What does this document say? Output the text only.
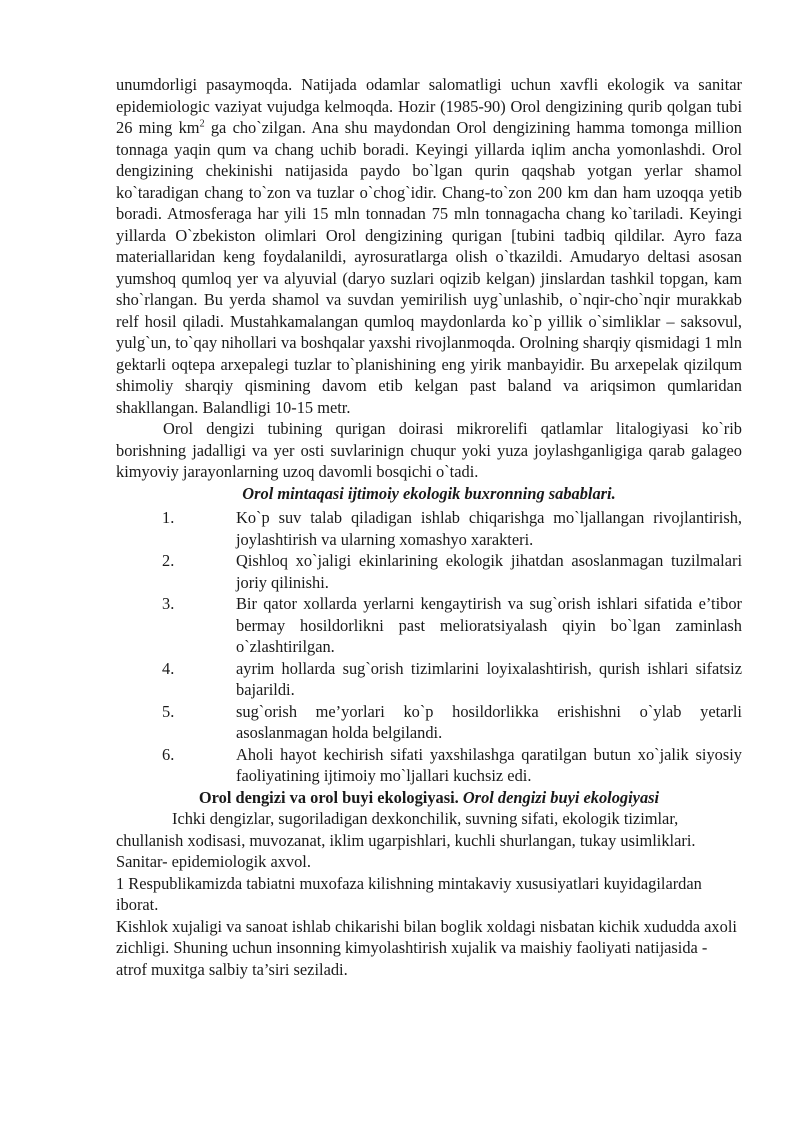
unumdorligi pasaymoqda. Natijada odamlar salomatligi uchun xavfli ekologik va sanitar epidemiologic vaziyat vujudga kelmoqda. Hozir (1985-90) Orol dengizining qurib qolgan tubi 26 ming $km^2$ ga cho`zilgan. Ana shu maydondan Orol dengizining hamma tomonga million tonnaga yaqin qum va chang uchib boradi. Keyingi yillarda iqlim ancha yomonlashdi. Orol dengizining chekinishi natijasida paydo bo`lgan qurin qaqshab yotgan yerlar shamol ko`taradigan chang to`zon va tuzlar o`chog`idir. Chang-to`zon 200 km dan ham uzoqqa yetib boradi. Atmosferaga har yili 15 mln tonnadan 75 mln tonnagacha chang ko`tariladi. Keyingi yillarda O`zbekiston olimlari Orol dengizining qurigan [tubini tadbiq qildilar. Ayro faza materiallaridan keng foydalanildi, ayrosuratlarga olish o`tkazildi. Amudaryo deltasi asosan yumshoq qumloq yer va alyuvial (daryo suzlari oqizib kelgan) jinslardan tashkil topgan, kam sho`rlangan. Bu yerda shamol va suvdan yemirilish uyg`unlashib, o`nqir-cho`nqir murakkab relf hosil qiladi. Mustahkamalangan qumloq maydonlarda ko`p yillik o`simliklar – saksovul, yulg`un, to`qay nihollari va boshqalar yaxshi rivojlanmoqda. Orolning sharqiy qismidagi 1 mln gektarli oqtepa arxepalegi tuzlar to`planishining eng yirik manbayidir. Bu arxepelak qizilqum shimoliy sharqiy qismining davom etib kelgan past baland va ariqsimon qumlaridan shakllangan. Balandligi 10-15 metr.

Orol dengizi tubining qurigan doirasi mikrorelifi qatlamlar litalogiyasi ko`rib borishning jadalligi va yer osti suvlarinign chuqur yoki yuza joylashganligiga qarab galageo kimyoviy jarayonlarning uzoq davomli bosqichi o`tadi.

Orol mintaqasi ijtimoiy ekologik buxronning sabablari.

1.	Ko`p suv talab qiladigan ishlab chiqarishga mo`ljallangan rivojlantirish, joylashtirish va ularning xomashyo xarakteri.
2.	Qishloq xo`jaligi ekinlarining ekologik jihatdan asoslanmagan tuzilmalari joriy qilinishi.
3.	Bir qator xollarda yerlarni kengaytirish va sug`orish ishlari sifatida e’tibor bermay hosildorlikni past melioratsiyalash qiyin bo`lgan zaminlash o`zlashtirilgan.
4.	ayrim hollarda sug`orish tizimlarini loyixalashtirish, qurish ishlari sifatsiz bajarildi.
5.	sug`orish me’yorlari ko`p hosildorlikka erishishni o`ylab yetarli asoslanmagan holda belgilandi.
6.	Aholi hayot kechirish sifati yaxshilashga qaratilgan butun xo`jalik siyosiy faoliyatining ijtimoiy mo`ljallari kuchsiz edi.

Orol dengizi va orol buyi ekologiyasi. Orol dengizi buyi ekologiyasi

Ichki dengizlar, sugoriladigan dexkonchilik, suvning sifati, ekologik tizimlar, chullanish xodisasi, muvozanat, iklim ugarpishlari, kuchli shurlangan, tukay usimliklari. Sanitar- epidemiologik axvol.

1 Respublikamizda tabiatni muxofaza kilishning mintakaviy xususiyatlari kuyidagilardan iborat.

Kishlok xujaligi va sanoat ishlab chikarishi bilan boglik xoldagi nisbatan kichik xududda axoli zichligi. Shuning uchun insonning kimyolashtirish xujalik va maishiy faoliyati natijasida - atrof muxitga salbiy ta’siri seziladi.
